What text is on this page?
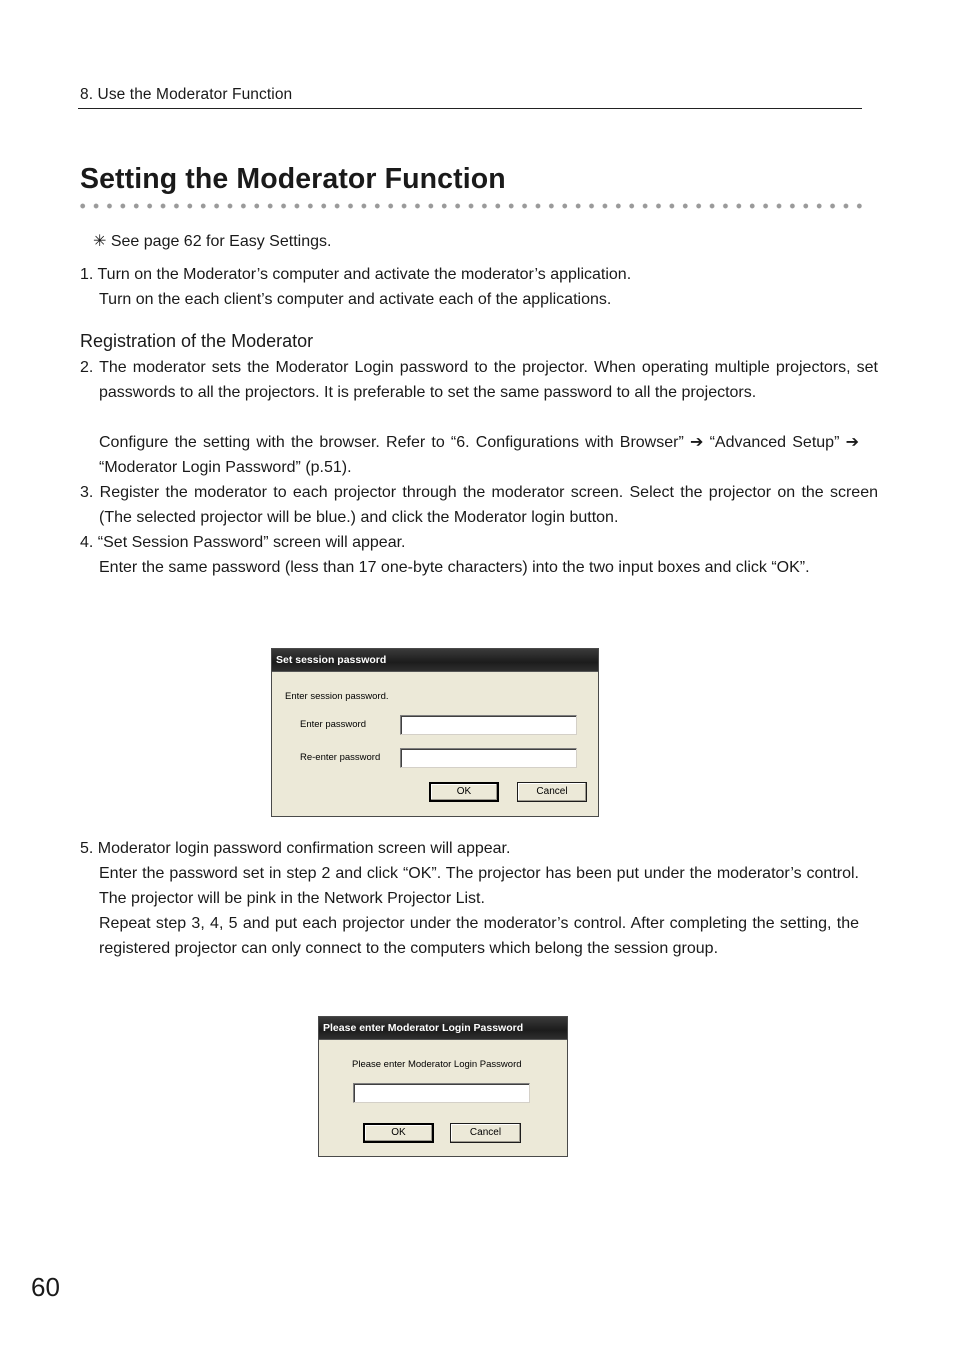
8. Use the Moderator Function
Setting the Moderator Function
✳ See page 62 for Easy Settings.
1. Turn on the Moderator’s computer and activate the moderator’s application.
Turn on the each client’s computer and activate each of the applications.
Registration of the Moderator
2. The moderator sets the Moderator Login password to the projector. When operating multiple projectors, set passwords to all the projectors. It is preferable to set the same password to all the projectors.
Configure the setting with the browser. Refer to “6. Configurations with Browser” ➔ “Advanced Setup” ➔ “Moderator Login Password” (p.51).
3. Register the moderator to each projector through the moderator screen. Select the projector on the screen (The selected projector will be blue.) and click the Moderator login button.
4. “Set Session Password” screen will appear.
Enter the same password (less than 17 one-byte characters) into the two input boxes and click “OK”.
Set session password
Enter session password.
Enter password
Re-enter password
OK	Cancel
5. Moderator login password confirmation screen will appear.
Enter the password set in step 2 and click “OK”. The projector has been put under the moderator’s control. The projector will be pink in the Network Projector List.
Repeat step 3, 4, 5 and put each projector under the moderator’s control. After completing the setting, the registered projector can only connect to the computers which belong the session group.
Please enter Moderator Login Password
Please enter Moderator Login Password
OK	Cancel
60
